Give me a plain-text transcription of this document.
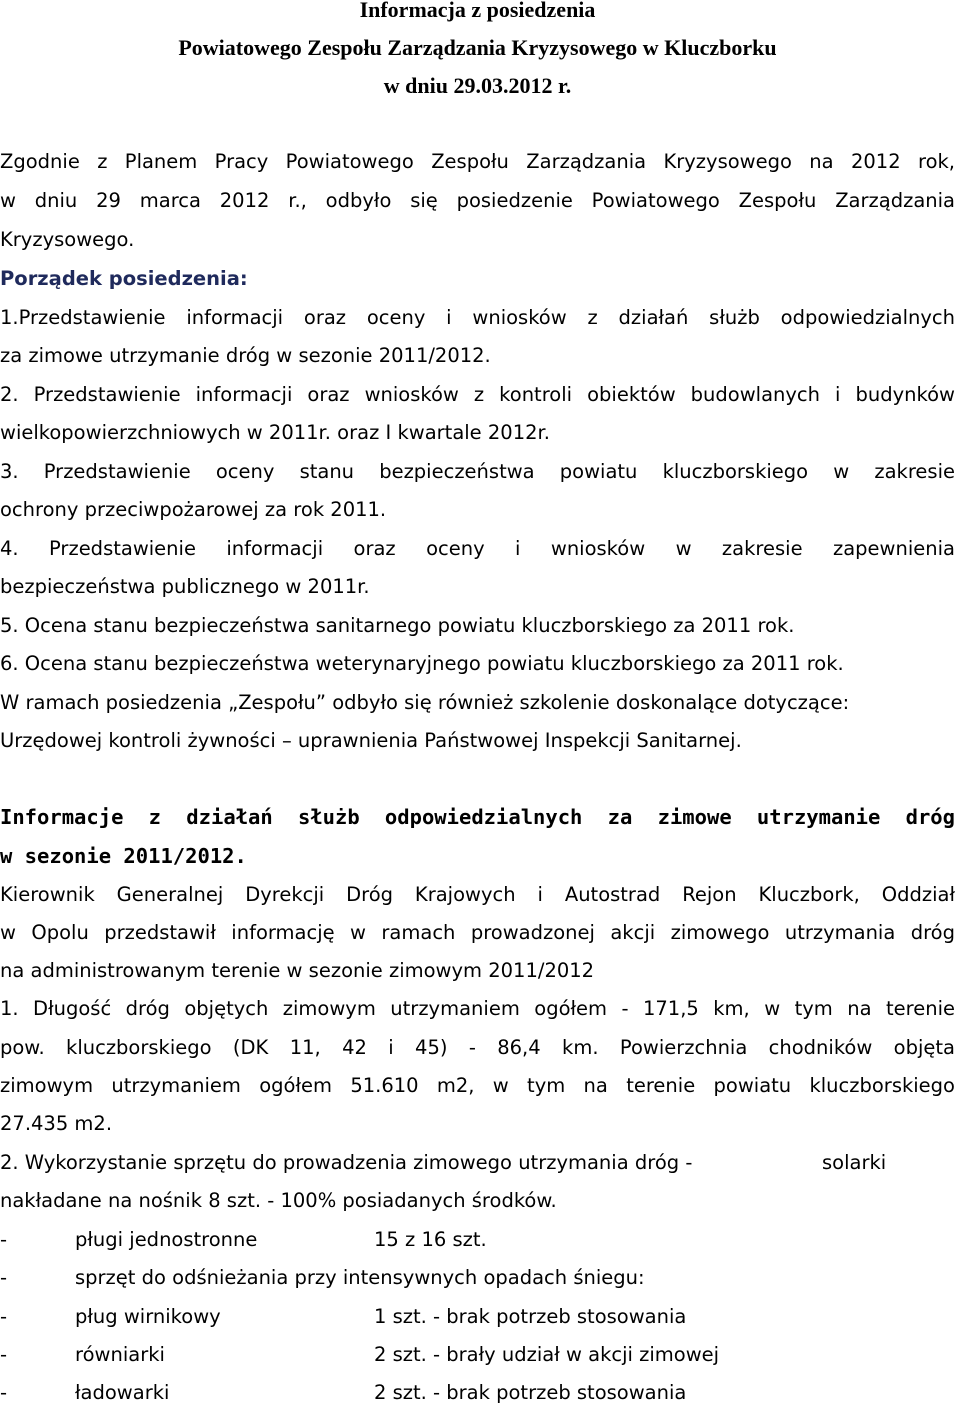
Informacja z posiedzenia
Powiatowego Zespołu Zarządzania Kryzysowego w Kluczborku
w dniu 29.03.2012 r.
Zgodnie z Planem Pracy Powiatowego Zespołu Zarządzania Kryzysowego na 2012 rok,
w dniu 29 marca 2012 r., odbyło się posiedzenie Powiatowego Zespołu Zarządzania
Kryzysowego.
Porządek posiedzenia:
1.Przedstawienie informacji oraz oceny i wniosków z działań służb odpowiedzialnych
za zimowe utrzymanie dróg w sezonie 2011/2012.
2. Przedstawienie informacji oraz wniosków z kontroli obiektów budowlanych i budynków
wielkopowierzchniowych w 2011r. oraz I kwartale 2012r.
3. Przedstawienie oceny stanu bezpieczeństwa powiatu kluczborskiego w zakresie
ochrony przeciwpożarowej za rok 2011.
4. Przedstawienie informacji oraz oceny i wniosków w zakresie zapewnienia
bezpieczeństwa publicznego w 2011r.
5. Ocena stanu bezpieczeństwa sanitarnego powiatu kluczborskiego za 2011 rok.
6. Ocena stanu bezpieczeństwa weterynaryjnego powiatu kluczborskiego za 2011 rok.
W ramach posiedzenia „Zespołu” odbyło się również szkolenie doskonalące dotyczące:
Urzędowej kontroli żywności – uprawnienia Państwowej Inspekcji Sanitarnej.
Informacje z działań służb odpowiedzialnych za zimowe utrzymanie dróg
w sezonie 2011/2012.
Kierownik Generalnej Dyrekcji Dróg Krajowych i Autostrad Rejon Kluczbork, Oddział
w Opolu przedstawił informację w ramach prowadzonej akcji zimowego utrzymania dróg
na administrowanym terenie w sezonie zimowym 2011/2012
1. Długość dróg objętych zimowym utrzymaniem ogółem - 171,5 km, w tym na terenie
pow. kluczborskiego (DK 11, 42 i 45) - 86,4 km. Powierzchnia chodników objęta
zimowym utrzymaniem ogółem 51.610 m2, w tym na terenie powiatu kluczborskiego
27.435 m2.
2. Wykorzystanie sprzętu do prowadzenia zimowego utrzymania dróg -	solarki
nakładane na nośnik 8 szt. - 100% posiadanych środków.
-	pługi jednostronne	15 z 16 szt.
-	sprzęt do odśnieżania przy intensywnych opadach śniegu:
-	pług wirnikowy	1 szt. - brak potrzeb stosowania
-	równiarki	2 szt. - brały udział w akcji zimowej
-	ładowarki	2 szt. - brak potrzeb stosowania
